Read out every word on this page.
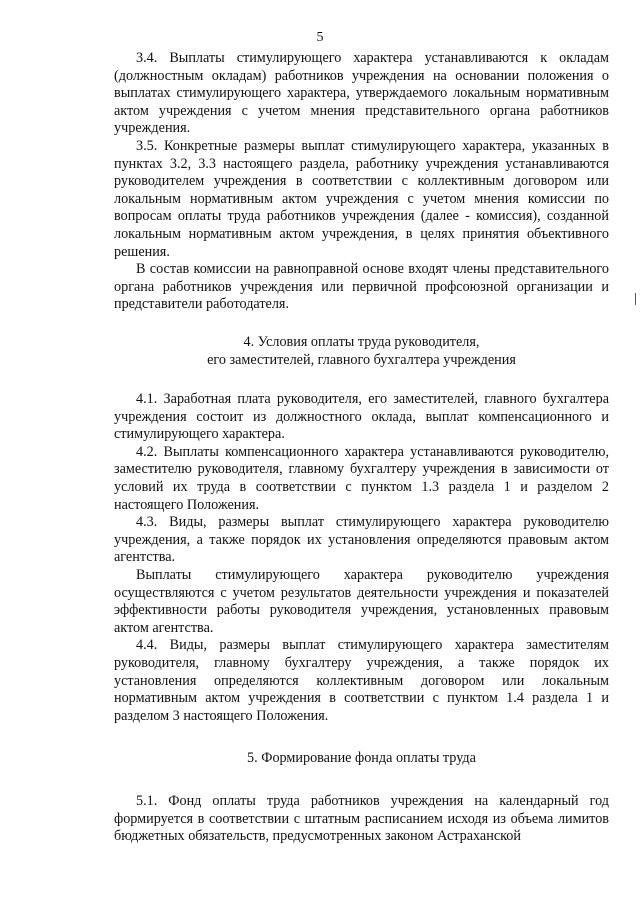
5

3.4. Выплаты стимулирующего характера устанавливаются к окладам (должностным окладам) работников учреждения на основании положения о выплатах стимулирующего характера, утверждаемого локальным нормативным актом учреждения с учетом мнения представительного органа работников учреждения.

3.5. Конкретные размеры выплат стимулирующего характера, указанных в пунктах 3.2, 3.3 настоящего раздела, работнику учреждения устанавливаются руководителем учреждения в соответствии с коллективным договором или локальным нормативным актом учреждения с учетом мнения комиссии по вопросам оплаты труда работников учреждения (далее - комиссия), созданной локальным нормативным актом учреждения, в целях принятия объективного решения.

В состав комиссии на равноправной основе входят члены представительного органа работников учреждения или первичной профсоюзной организации и представители работодателя.

4. Условия оплаты труда руководителя,

его заместителей, главного бухгалтера учреждения

4.1. Заработная плата руководителя, его заместителей, главного бухгалтера учреждения состоит из должностного оклада, выплат компенсационного и стимулирующего характера.

4.2. Выплаты компенсационного характера устанавливаются руководителю, заместителю руководителя, главному бухгалтеру учреждения в зависимости от условий их труда в соответствии с пунктом 1.3 раздела 1 и разделом 2 настоящего Положения.

4.3. Виды, размеры выплат стимулирующего характера руководителю учреждения, а также порядок их установления определяются правовым актом агентства.

Выплаты стимулирующего характера руководителю учреждения осуществляются с учетом результатов деятельности учреждения и показателей эффективности работы руководителя учреждения, установленных правовым актом агентства.

4.4. Виды, размеры выплат стимулирующего характера заместителям руководителя, главному бухгалтеру учреждения, а также порядок их установления определяются коллективным договором или локальным нормативным актом учреждения в соответствии с пунктом 1.4 раздела 1 и разделом 3 настоящего Положения.

5. Формирование фонда оплаты труда

5.1. Фонд оплаты труда работников учреждения на календарный год формируется в соответствии с штатным расписанием исходя из объема лимитов бюджетных обязательств, предусмотренных законом Астраханской
